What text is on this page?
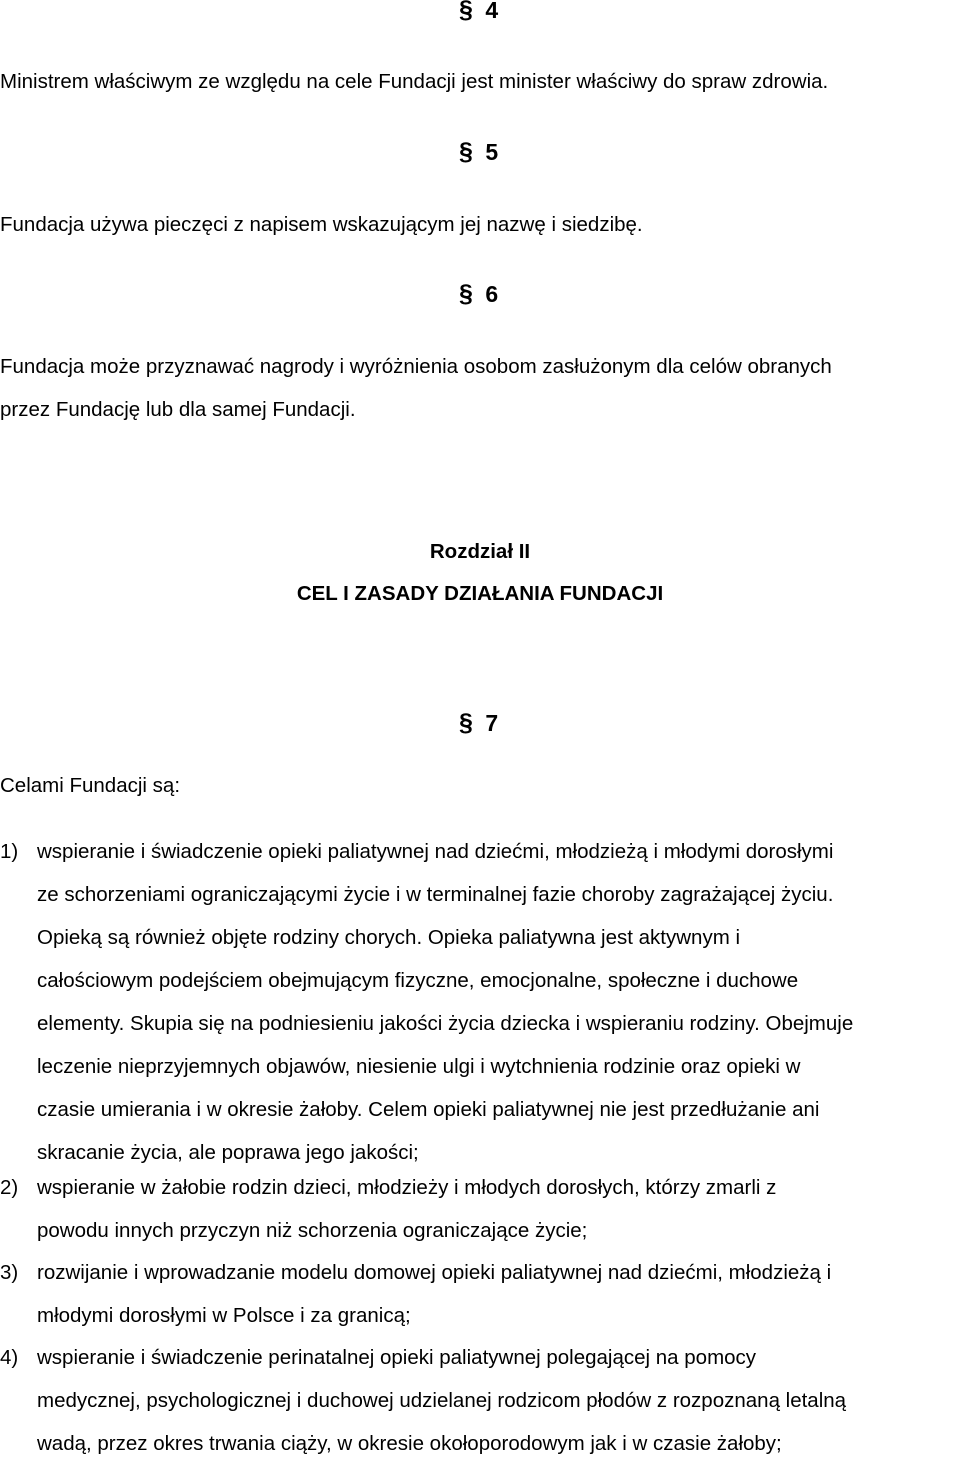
§ 4
Ministrem właściwym ze względu na cele Fundacji jest minister właściwy do spraw zdrowia.
§ 5
Fundacja używa pieczęci z napisem wskazującym jej nazwę i siedzibę.
§ 6
Fundacja może przyznawać nagrody i wyróżnienia osobom zasłużonym dla celów obranych
przez Fundację lub dla samej Fundacji.
Rozdział II
CEL I ZASADY DZIAŁANIA FUNDACJI
§ 7
Celami Fundacji są:
1) wspieranie i świadczenie opieki paliatywnej nad dziećmi, młodzieżą i młodymi dorosłymi
ze schorzeniami ograniczającymi życie i w terminalnej fazie choroby zagrażającej życiu.
Opieką są również objęte rodziny chorych. Opieka paliatywna jest aktywnym i
całościowym podejściem obejmującym fizyczne, emocjonalne, społeczne i duchowe
elementy. Skupia się na podniesieniu jakości życia dziecka i wspieraniu rodziny. Obejmuje
leczenie nieprzyjemnych objawów, niesienie ulgi i wytchnienia rodzinie oraz opieki w
czasie umierania i w okresie żałoby. Celem opieki paliatywnej nie jest przedłużanie ani
skracanie życia, ale poprawa jego jakości;
2) wspieranie w żałobie rodzin dzieci, młodzieży i młodych dorosłych, którzy zmarli z
powodu innych przyczyn niż schorzenia ograniczające życie;
3) rozwijanie i wprowadzanie modelu domowej opieki paliatywnej nad dziećmi, młodzieżą i
młodymi dorosłymi w Polsce i za granicą;
4) wspieranie i świadczenie perinatalnej opieki paliatywnej polegającej na pomocy
medycznej, psychologicznej i duchowej udzielanej rodzicom płodów z rozpoznaną letalną
wadą, przez okres trwania ciąży, w okresie okołoporodowym jak i w czasie żałoby;
